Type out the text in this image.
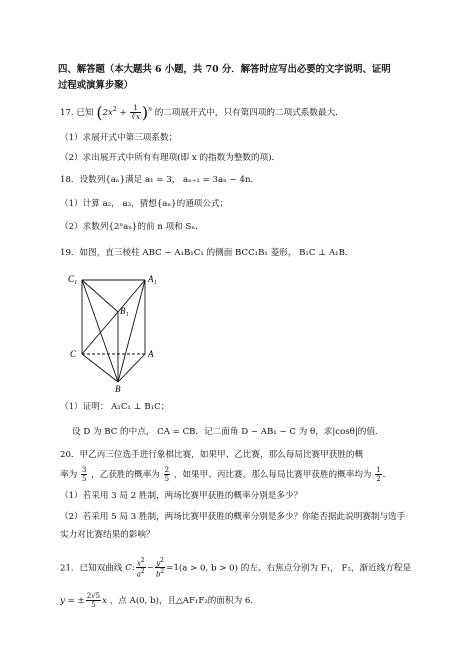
四、解答题（本大题共 6 小题，共 70 分．解答时应写出必要的文字说明、证明
过程或演算步聚）
17. 已知 $(2x^2 + \frac{1}{∛x} )^n$ 的二项展开式中，只有第四项的二项式系数最大．
（1）求展开式中第三项系数；
（2）求出展开式中所有有理项(即 x 的指数为整数的项)．
18．设数列{aₙ}满足 a₁ = 3， aₙ₊₁ = 3aₙ − 4n．
（1）计算 a₂， a₃，猜想{aₙ}的通项公式；
（2）求数列{2ⁿaₙ}的前 n 项和 Sₙ．
19．如图，直三棱柱 ABC − A₁B₁C₁ 的侧面 BCC₁B₁ 菱形， B₁C ⊥ A₁B．
C₁	A₁
B₁
C	A
B
（1）证明： A₁C₁ ⊥ B₁C；
设 D 为 BC 的中点， CA = CB．记二面角 D − AB₁ − C 为 θ，求|cosθ|的值．
20．甲乙丙三位选手进行象棋比赛，如果甲、乙比赛，那么每局比赛甲获胜的概
率为 $\frac{3}{5}$ ，乙获胜的概率为 $\frac{2}{5}$ ，如果甲、丙比赛，那么每局比赛甲获胜的概率均为 $\frac{1}{2}$ ．
（1）若采用 3 局 2 胜制，两场比赛甲获胜的概率分别是多少？
（2）若采用 5 局 3 胜制，两场比赛甲获胜的概率分别是多少？你能否据此说明赛制与选手
实力对比赛结果的影响？
21．已知双曲线 C: $\frac{x^2}{a^2} - \frac{y^2}{b^2} =1(a > 0$, b > 0) 的左、右焦点分别为 F₁， F₂，渐近线方程是
y = ± $\frac{2√5}{5}$ x ，点 A(0, b)，且△AF₁F₂的面积为 6．
